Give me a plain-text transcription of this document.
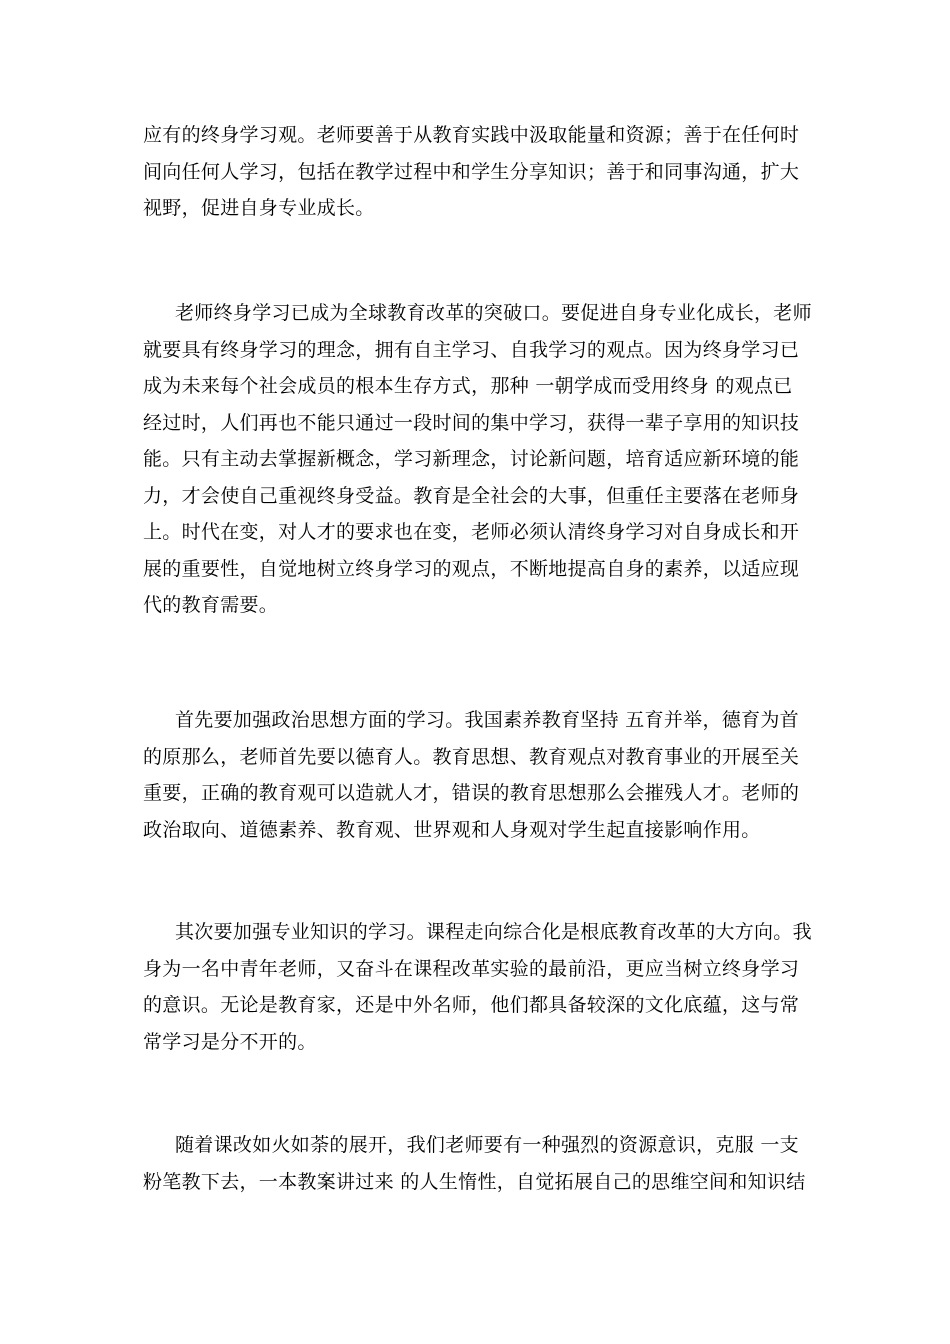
应有的终身学习观。老师要善于从教育实践中汲取能量和资源；善于在任何时
间向任何人学习，包括在教学过程中和学生分享知识；善于和同事沟通，扩大
视野，促进自身专业成长。
老师终身学习已成为全球教育改革的突破口。要促进自身专业化成长，老师
就要具有终身学习的理念，拥有自主学习、自我学习的观点。因为终身学习已
成为未来每个社会成员的根本生存方式，那种 一朝学成而受用终身 的观点已
经过时，人们再也不能只通过一段时间的集中学习，获得一辈子享用的知识技
能。只有主动去掌握新概念，学习新理念，讨论新问题，培育适应新环境的能
力，才会使自己重视终身受益。教育是全社会的大事，但重任主要落在老师身
上。时代在变，对人才的要求也在变，老师必须认清终身学习对自身成长和开
展的重要性，自觉地树立终身学习的观点，不断地提高自身的素养，以适应现
代的教育需要。
首先要加强政治思想方面的学习。我国素养教育坚持 五育并举，德育为首
的原那么，老师首先要以德育人。教育思想、教育观点对教育事业的开展至关
重要，正确的教育观可以造就人才，错误的教育思想那么会摧残人才。老师的
政治取向、道德素养、教育观、世界观和人身观对学生起直接影响作用。
其次要加强专业知识的学习。课程走向综合化是根底教育改革的大方向。我
身为一名中青年老师，又奋斗在课程改革实验的最前沿，更应当树立终身学习
的意识。无论是教育家，还是中外名师，他们都具备较深的文化底蕴，这与常
常学习是分不开的。
随着课改如火如荼的展开，我们老师要有一种强烈的资源意识，克服 一支
粉笔教下去，一本教案讲过来 的人生惰性，自觉拓展自己的思维空间和知识结
